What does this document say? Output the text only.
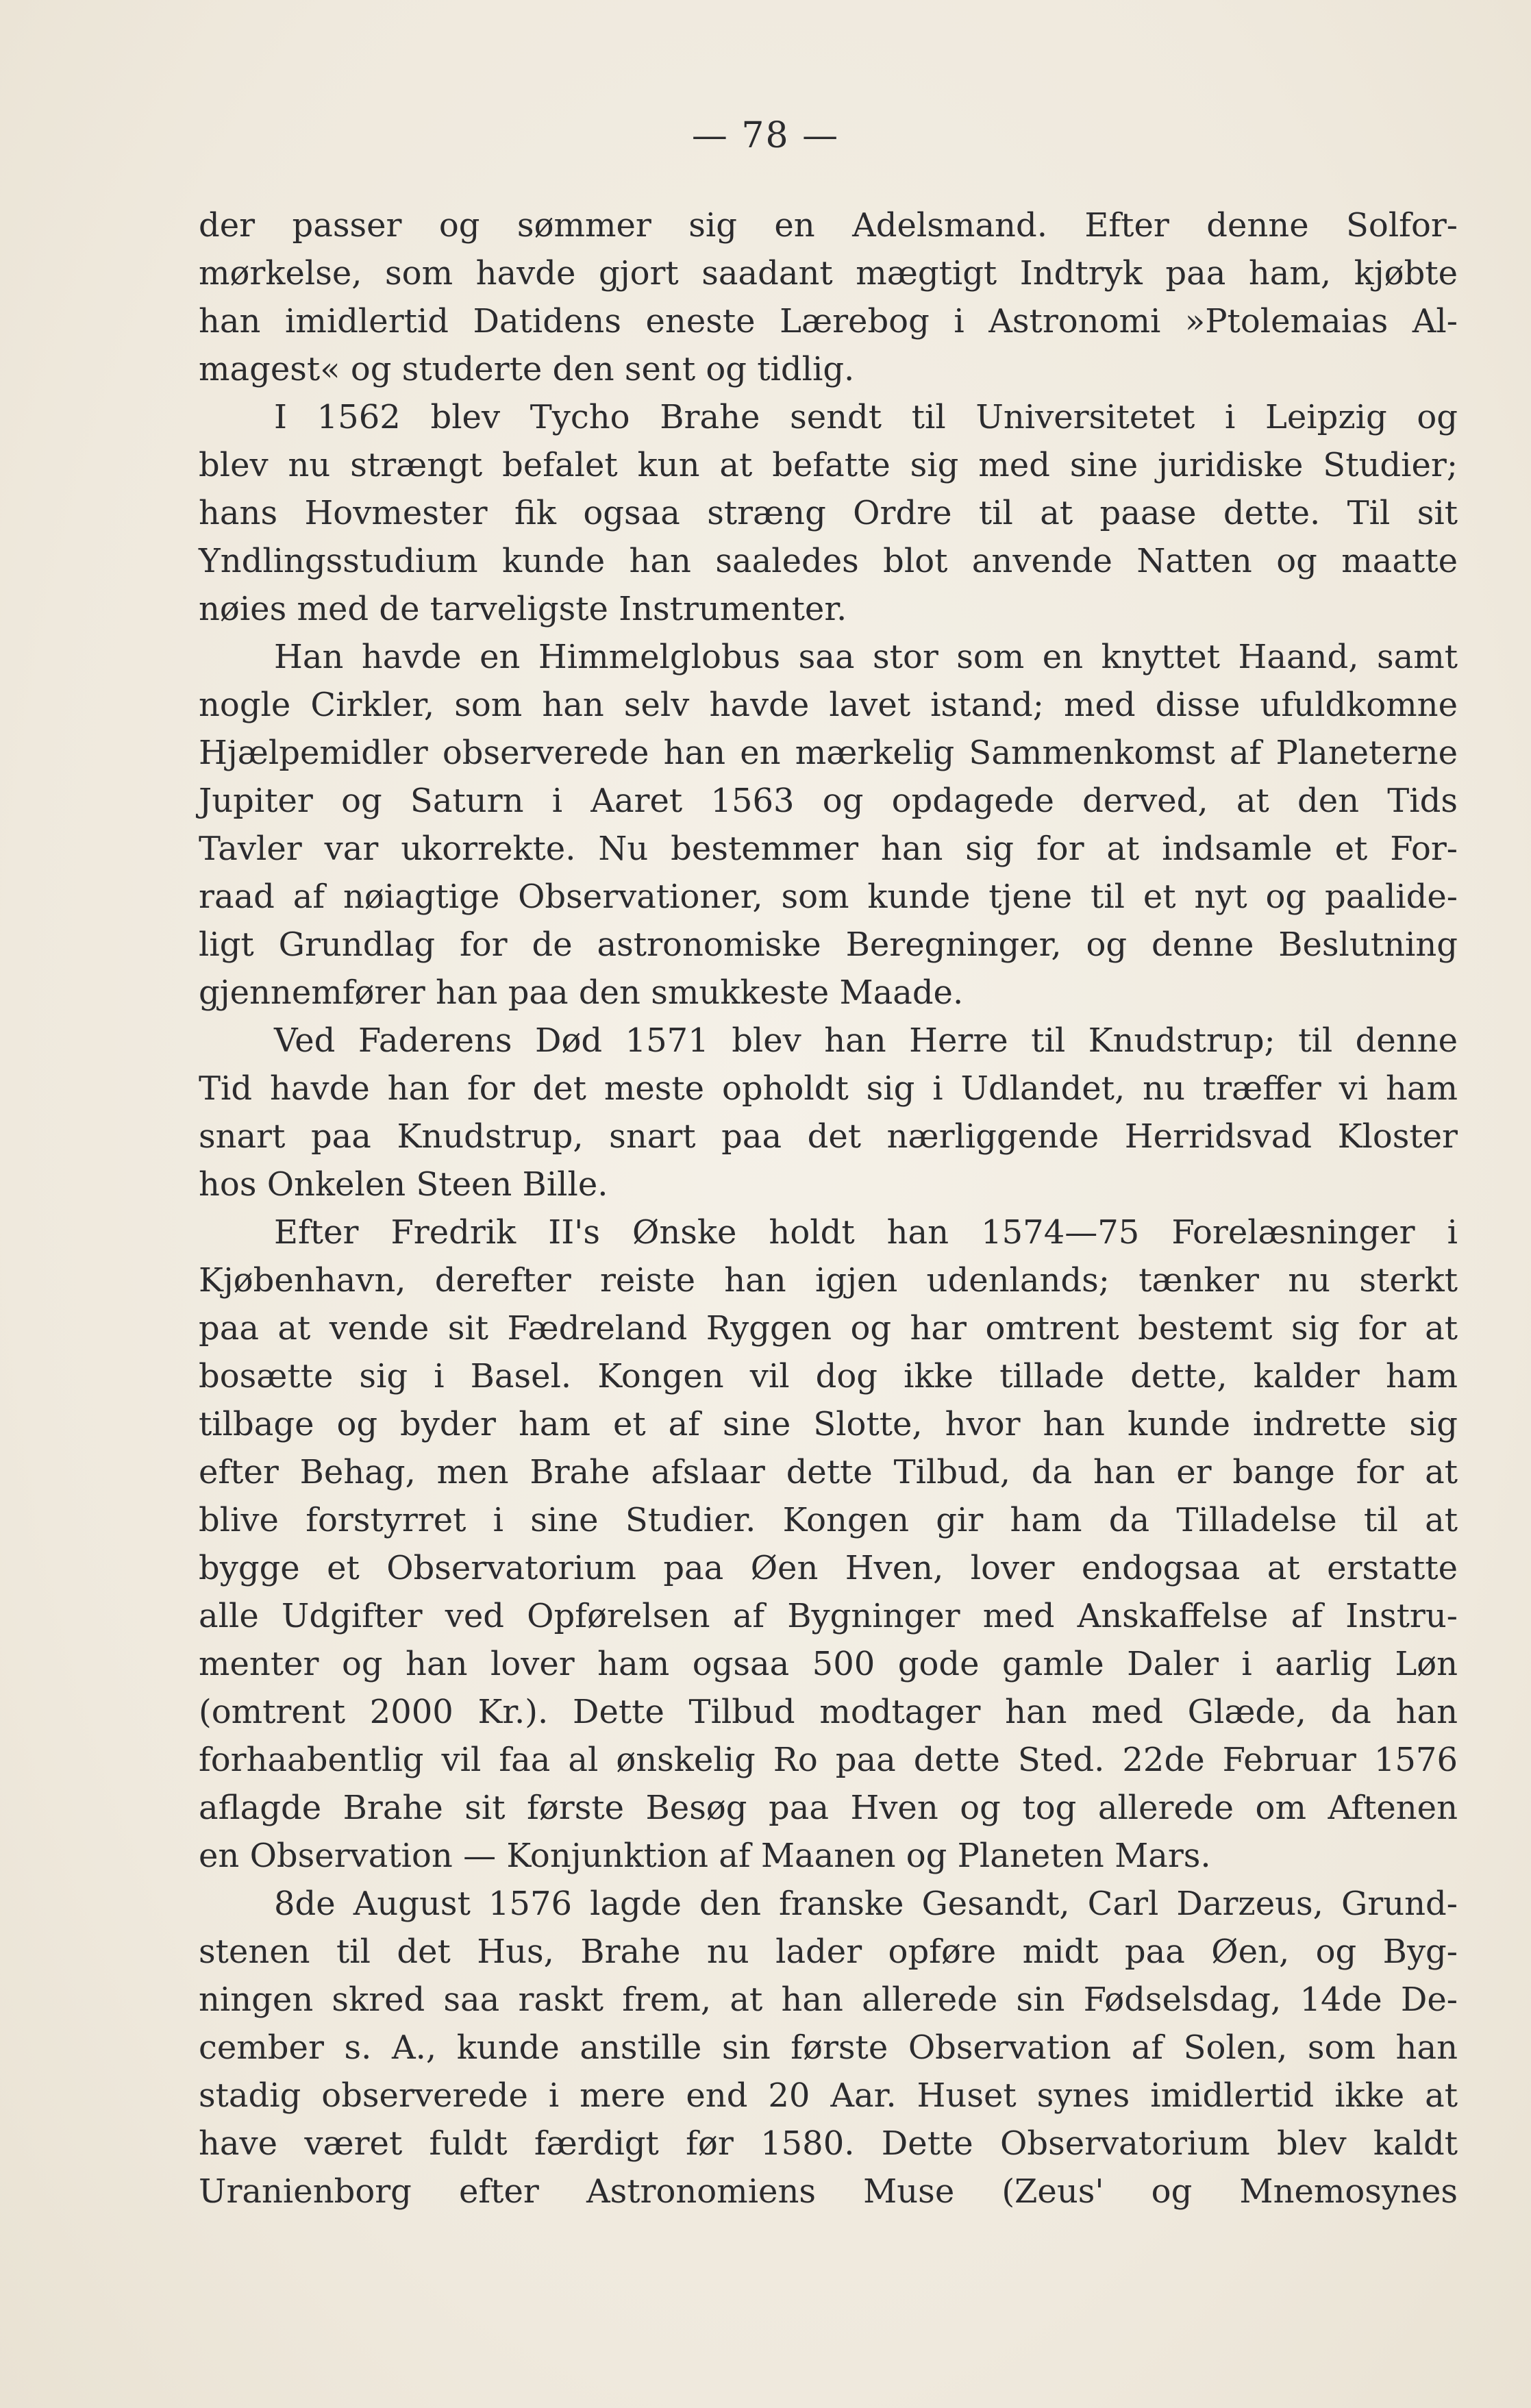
— 78 —
der passer og sømmer sig en Adelsmand. Efter denne Solfor-
mørkelse, som havde gjort saadant mægtigt Indtryk paa ham, kjøbte
han imidlertid Datidens eneste Lærebog i Astronomi »Ptolemaias Al-
magest« og studerte den sent og tidlig.
I 1562 blev Tycho Brahe sendt til Universitetet i Leipzig og
blev nu strængt befalet kun at befatte sig med sine juridiske Studier;
hans Hovmester fik ogsaa stræng Ordre til at paase dette. Til sit
Yndlingsstudium kunde han saaledes blot anvende Natten og maatte
nøies med de tarveligste Instrumenter.
Han havde en Himmelglobus saa stor som en knyttet Haand, samt
nogle Cirkler, som han selv havde lavet istand; med disse ufuldkomne
Hjælpemidler observerede han en mærkelig Sammenkomst af Planeterne
Jupiter og Saturn i Aaret 1563 og opdagede derved, at den Tids
Tavler var ukorrekte. Nu bestemmer han sig for at indsamle et For-
raad af nøiagtige Observationer, som kunde tjene til et nyt og paalide-
ligt Grundlag for de astronomiske Beregninger, og denne Beslutning
gjennemfører han paa den smukkeste Maade.
Ved Faderens Død 1571 blev han Herre til Knudstrup; til denne
Tid havde han for det meste opholdt sig i Udlandet, nu træffer vi ham
snart paa Knudstrup, snart paa det nærliggende Herridsvad Kloster
hos Onkelen Steen Bille.
Efter Fredrik II's Ønske holdt han 1574—75 Forelæsninger i
Kjøbenhavn, derefter reiste han igjen udenlands; tænker nu sterkt
paa at vende sit Fædreland Ryggen og har omtrent bestemt sig for at
bosætte sig i Basel. Kongen vil dog ikke tillade dette, kalder ham
tilbage og byder ham et af sine Slotte, hvor han kunde indrette sig
efter Behag, men Brahe afslaar dette Tilbud, da han er bange for at
blive forstyrret i sine Studier. Kongen gir ham da Tilladelse til at
bygge et Observatorium paa Øen Hven, lover endogsaa at erstatte
alle Udgifter ved Opførelsen af Bygninger med Anskaffelse af Instru-
menter og han lover ham ogsaa 500 gode gamle Daler i aarlig Løn
(omtrent 2000 Kr.). Dette Tilbud modtager han med Glæde, da han
forhaabentlig vil faa al ønskelig Ro paa dette Sted. 22de Februar 1576
aflagde Brahe sit første Besøg paa Hven og tog allerede om Aftenen
en Observation — Konjunktion af Maanen og Planeten Mars.
8de August 1576 lagde den franske Gesandt, Carl Darzeus, Grund-
stenen til det Hus, Brahe nu lader opføre midt paa Øen, og Byg-
ningen skred saa raskt frem, at han allerede sin Fødselsdag, 14de De-
cember s. A., kunde anstille sin første Observation af Solen, som han
stadig observerede i mere end 20 Aar. Huset synes imidlertid ikke at
have været fuldt færdigt før 1580. Dette Observatorium blev kaldt
Uranienborg efter Astronomiens Muse (Zeus' og Mnemosynes
